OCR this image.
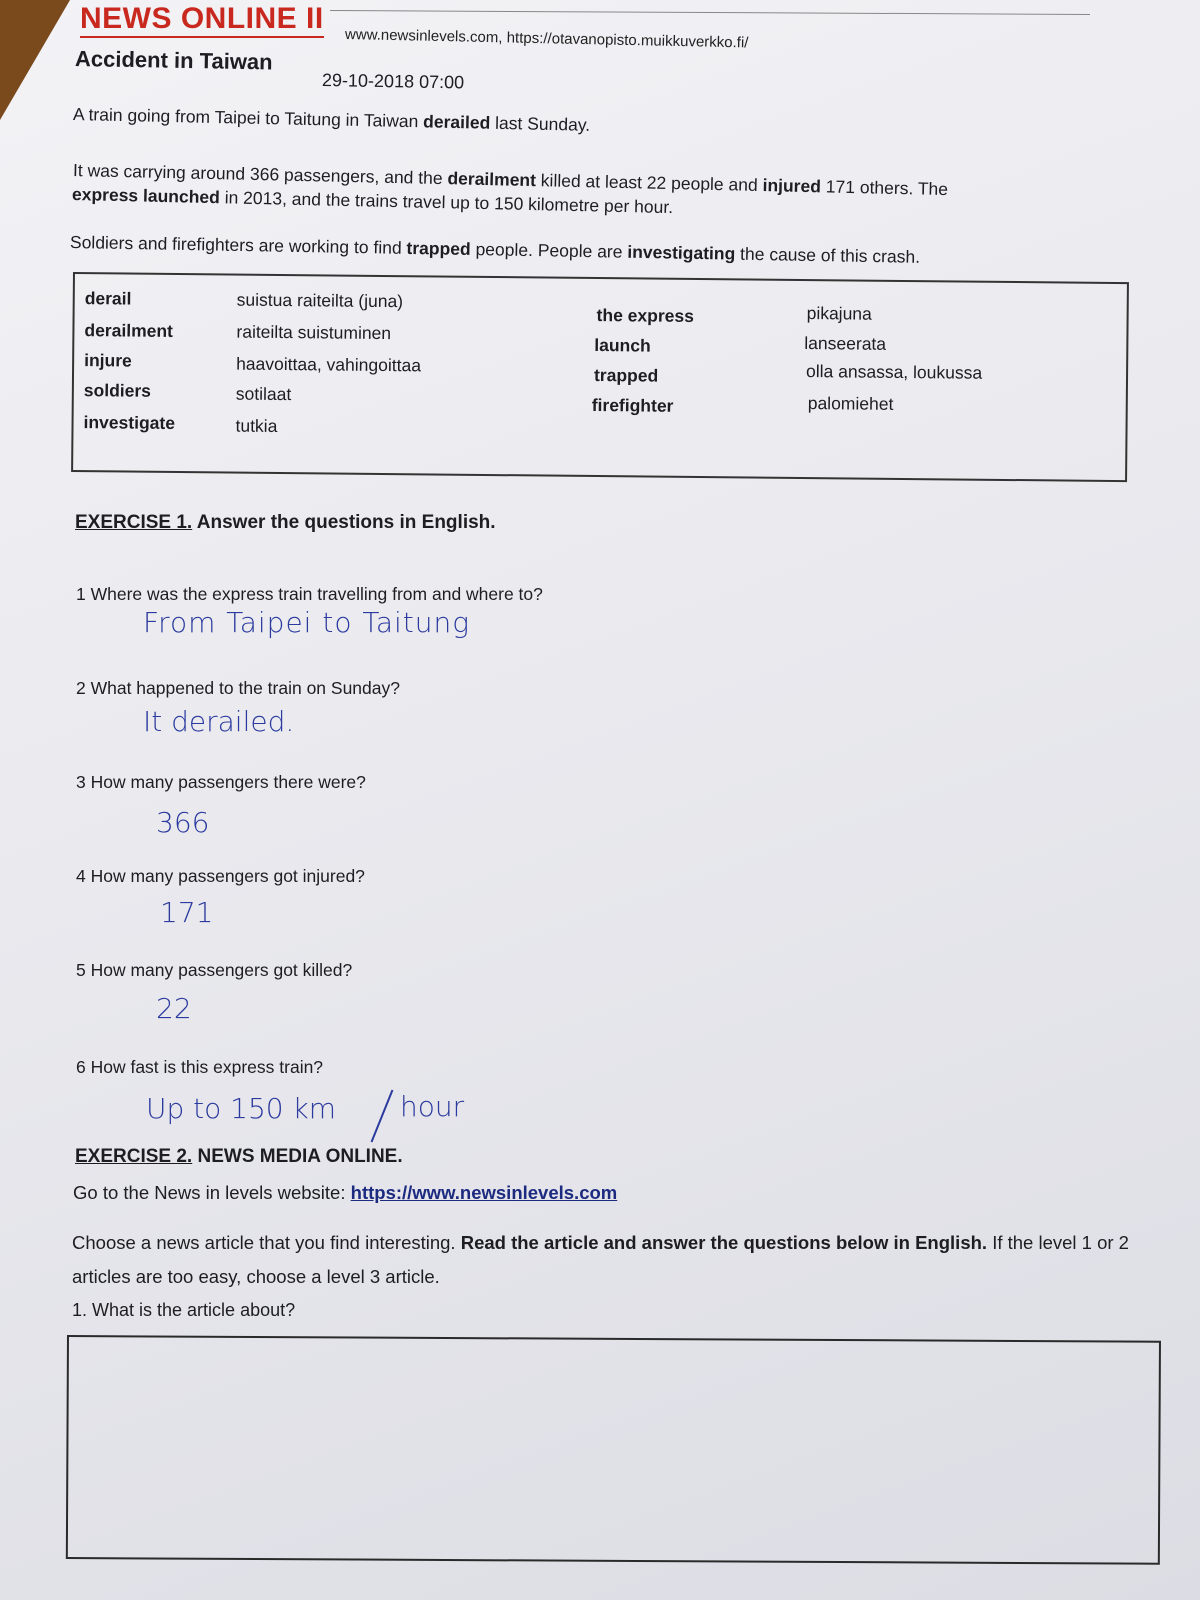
NEWS ONLINE II
www.newsinlevels.com, https://otavanopisto.muikkuverkko.fi/
Accident in Taiwan
29-10-2018 07:00
A train going from Taipei to Taitung in Taiwan derailed last Sunday.
It was carrying around 366 passengers, and the derailment killed at least 22 people and injured 171 others. The
express launched in 2013, and the trains travel up to 150 kilometre per hour.
Soldiers and firefighters are working to find trapped people. People are investigating the cause of this crash.
derail	suistua raiteilta (juna)
derailment	raiteilta suistuminen
injure	haavoittaa, vahingoittaa
soldiers	sotilaat
investigate	tutkia
the express	pikajuna
launch	lanseerata
trapped	olla ansassa, loukussa
firefighter	palomiehet
EXERCISE 1. Answer the questions in English.
1 Where was the express train travelling from and where to?
From Taipei to Taitung
2 What happened to the train on Sunday?
It derailed.
3 How many passengers there were?
366
4 How many passengers got injured?
171
5 How many passengers got killed?
22
6 How fast is this express train?
Up to 150 km hour
EXERCISE 2. NEWS MEDIA ONLINE.
Go to the News in levels website: https://www.newsinlevels.com
Choose a news article that you find interesting. Read the article and answer the questions below in English. If the level 1 or 2 articles are too easy, choose a level 3 article.
1. What is the article about?
